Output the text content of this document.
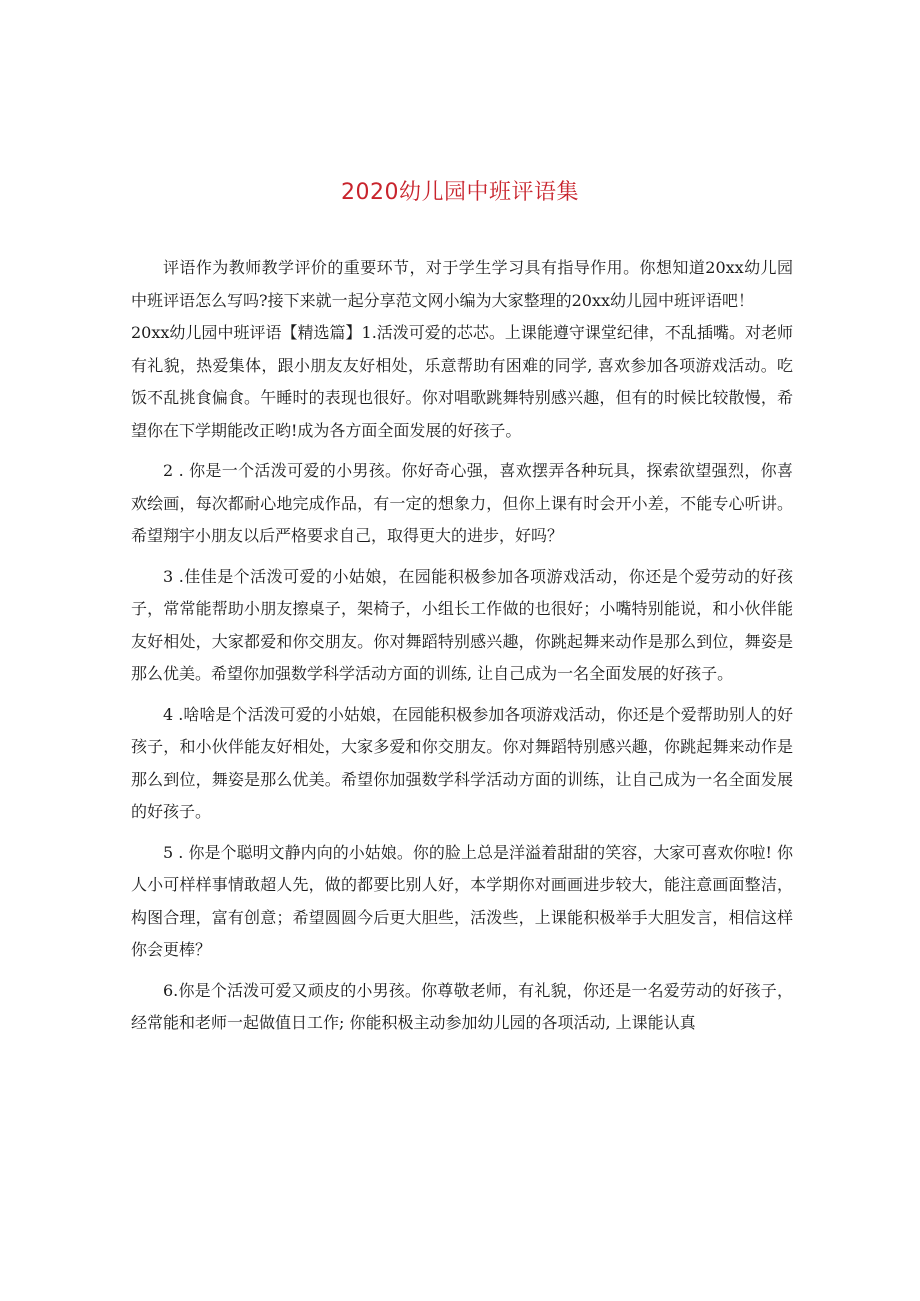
2020幼儿园中班评语集

评语作为教师教学评价的重要环节，对于学生学习具有指导作用。你想知道20xx幼儿园中班评语怎么写吗?接下来就一起分享范文网小编为大家整理的20xx幼儿园中班评语吧！

20xx幼儿园中班评语【精选篇】1.活泼可爱的芯芯。上课能遵守课堂纪律，不乱插嘴。对老师有礼貌，热爱集体，跟小朋友友好相处，乐意帮助有困难的同学, 喜欢参加各项游戏活动。吃饭不乱挑食偏食。午睡时的表现也很好。你对唱歌跳舞特别感兴趣，但有的时候比较散慢，希望你在下学期能改正哟!成为各方面全面发展的好孩子。

2 . 你是一个活泼可爱的小男孩。你好奇心强，喜欢摆弄各种玩具，探索欲望强烈，你喜欢绘画，每次都耐心地完成作品，有一定的想象力，但你上课有时会开小差，不能专心听讲。希望翔宇小朋友以后严格要求自己，取得更大的进步，好吗？

3 .佳佳是个活泼可爱的小姑娘，在园能积极参加各项游戏活动，你还是个爱劳动的好孩子，常常能帮助小朋友擦桌子，架椅子，小组长工作做的也很好；小嘴特别能说，和小伙伴能友好相处，大家都爱和你交朋友。你对舞蹈特别感兴趣，你跳起舞来动作是那么到位，舞姿是那么优美。希望你加强数学科学活动方面的训练, 让自己成为一名全面发展的好孩子。

4 .啥啥是个活泼可爱的小姑娘，在园能积极参加各项游戏活动，你还是个爱帮助别人的好孩子，和小伙伴能友好相处，大家多爱和你交朋友。你对舞蹈特别感兴趣，你跳起舞来动作是那么到位，舞姿是那么优美。希望你加强数学科学活动方面的训练，让自己成为一名全面发展的好孩子。

5 . 你是个聪明文静内向的小姑娘。你的脸上总是洋溢着甜甜的笑容，大家可喜欢你啦! 你人小可样样事情敢超人先，做的都要比别人好，本学期你对画画进步较大，能注意画面整洁，构图合理，富有创意；希望圆圆今后更大胆些，活泼些，上课能积极举手大胆发言，相信这样你会更棒？

6.你是个活泼可爱又顽皮的小男孩。你尊敬老师，有礼貌，你还是一名爱劳动的好孩子，经常能和老师一起做值日工作; 你能积极主动参加幼儿园的各项活动, 上课能认真
